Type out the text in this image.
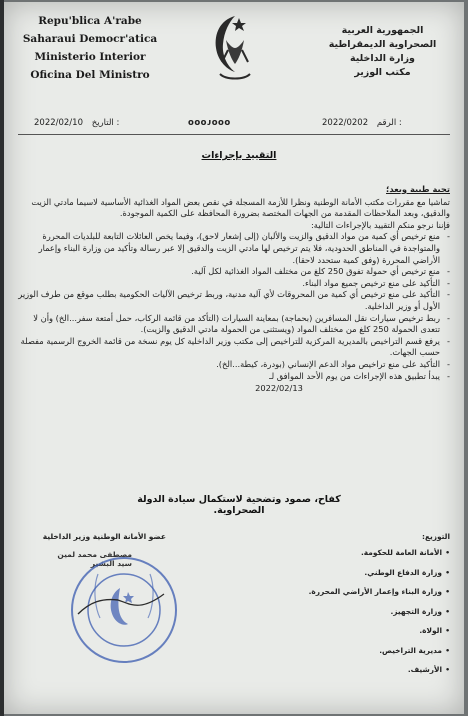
Repu'blica A'rabe
Saharaui Democr'atica
Ministerio Interior
Oficina Del Ministro
الجمهورية العربية
الصحراوية الديمقراطية
وزارة الداخلية
مكتب الوزير
2022/02/10 التاريخ :	ᴏᴏᴏᴊᴏᴏᴏ	2022/0202 الرقم :
التقييد بإجراءات

تحية طيبة وبعد؛

تماشيا مع مقررات مكتب الأمانة الوطنية ونظرا للأزمة المسجلة في نقص بعض المواد الغذائية الأساسية لاسيما مادتي الزيت والدقيق، وبعد الملاحظات المقدمة من الجهات المختصة بضرورة المحافظة على الكمية الموجودة.

فإننا نرجو منكم التقييد بالإجراءات التالية:

- منع ترخيص أي كمية من مواد الدقيق والزيت والألبان (إلى إشعار لاحق)، وفيما يخص العائلات التابعة للبلديات المحررة والمتواجدة في المناطق الحدودية، فلا يتم ترخيص لها مادتي الزيت والدقيق إلا عبر رسالة وتأكيد من وزارة البناء وإعمار الأراضي المحررة (وفق كمية ستحدد لاحقا).
- منع ترخيص أي حمولة تفوق 250 كلغ من مختلف المواد الغذائية لكل آلية.
- التأكيد على منع ترخيص جميع مواد البناء.
- التأكيد على منع ترخيص أي كمية من المحروقات لأي آلية مدنية، وربط ترخيص الآليات الحكومية بطلب موقع من طرف الوزير الأول أو وزير الداخلية.
- ربط ترخيص سيارات نقل المسافرين (بحماجة) بمعاينة السيارات (التأكد من قائمة الركاب، حمل أمتعة سفر...الخ) وأن لا تتعدى الحمولة 250 كلغ من مختلف المواد (ويستثنى من الحمولة مادتي الدقيق والزيت).
- يرفع قسم التراخيص بالمديرية المركزية للتراخيص إلى مكتب وزير الداخلية كل يوم نسخة من قائمة الخروج الرسمية مفصلة حسب الجهات.
- التأكيد على منع تراخيص مواد الدعم الإنساني (بودرة، كيطة...الخ).
- يبدأ تطبيق هذه الإجراءات من يوم الأحد الموافق لـ

2022/02/13

كفاح، صمود وتضحية لاستكمال سيادة الدولة الصحراوية.
عضو الأمانة الوطنية وزير الداخلية
مصطفى محمد لمين سيد البشير
التوزيع:
• الأمانة العامة للحكومة.
• وزارة الدفاع الوطني.
• وزارة البناء وإعمار الأراضي المحررة.
• وزارة التجهيز.
• الولاة.
• مديرية التراخيص.
• الأرشيف.
